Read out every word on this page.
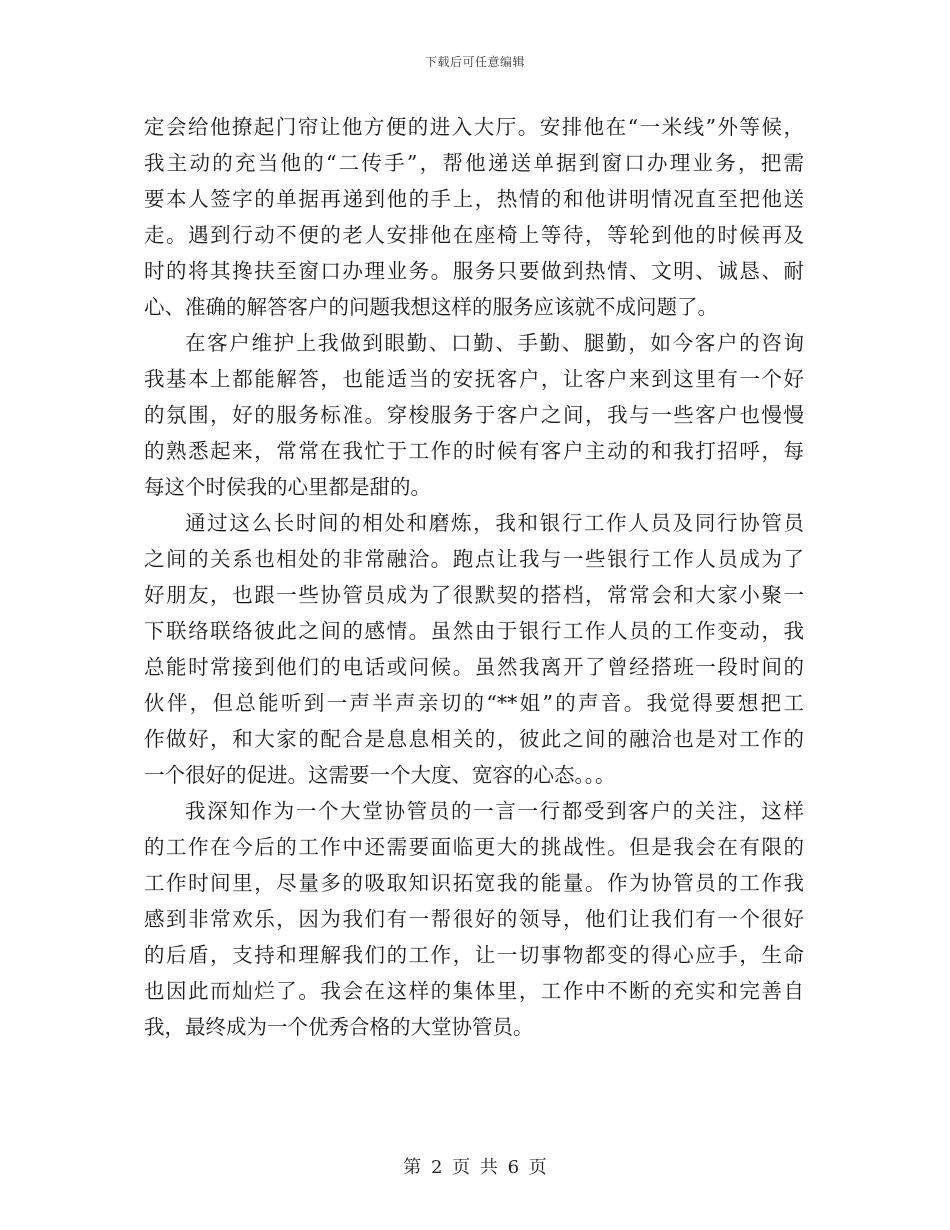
下载后可任意编辑
定会给他撩起门帘让他方便的进入大厅。安排他在“一米线”外等候，
我主动的充当他的“二传手”，帮他递送单据到窗口办理业务，把需
要本人签字的单据再递到他的手上，热情的和他讲明情况直至把他送
走。遇到行动不便的老人安排他在座椅上等待，等轮到他的时候再及
时的将其搀扶至窗口办理业务。服务只要做到热情、文明、诚恳、耐
心、准确的解答客户的问题我想这样的服务应该就不成问题了。
在客户维护上我做到眼勤、口勤、手勤、腿勤，如今客户的咨询
我基本上都能解答，也能适当的安抚客户，让客户来到这里有一个好
的氛围，好的服务标准。穿梭服务于客户之间，我与一些客户也慢慢
的熟悉起来，常常在我忙于工作的时候有客户主动的和我打招呼，每
每这个时侯我的心里都是甜的。
通过这么长时间的相处和磨炼，我和银行工作人员及同行协管员
之间的关系也相处的非常融洽。跑点让我与一些银行工作人员成为了
好朋友，也跟一些协管员成为了很默契的搭档，常常会和大家小聚一
下联络联络彼此之间的感情。虽然由于银行工作人员的工作变动，我
总能时常接到他们的电话或问候。虽然我离开了曾经搭班一段时间的
伙伴，但总能听到一声半声亲切的“**姐”的声音。我觉得要想把工
作做好，和大家的配合是息息相关的，彼此之间的融洽也是对工作的
一个很好的促进。这需要一个大度、宽容的心态。。。
我深知作为一个大堂协管员的一言一行都受到客户的关注，这样
的工作在今后的工作中还需要面临更大的挑战性。但是我会在有限的
工作时间里，尽量多的吸取知识拓宽我的能量。作为协管员的工作我
感到非常欢乐，因为我们有一帮很好的领导，他们让我们有一个很好
的后盾，支持和理解我们的工作，让一切事物都变的得心应手，生命
也因此而灿烂了。我会在这样的集体里，工作中不断的充实和完善自
我，最终成为一个优秀合格的大堂协管员。
第 2 页 共 6 页
